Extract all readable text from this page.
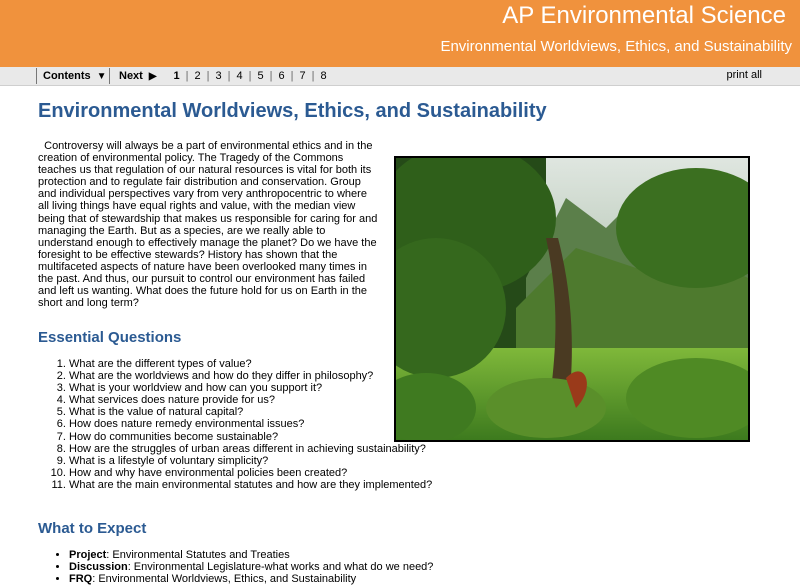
AP Environmental Science
Environmental Worldviews, Ethics, and Sustainability
Contents ▼ Next ▶	1 | 2 | 3 | 4 | 5 | 6 | 7 | 8	print all
Environmental Worldviews, Ethics, and Sustainability

Controversy will always be a part of environmental ethics and in the creation of environmental policy. The Tragedy of the Commons teaches us that regulation of our natural resources is vital for both its protection and to regulate fair distribution and conservation. Group and individual perspectives vary from very anthropocentric to where all living things have equal rights and value, with the median view being that of stewardship that makes us responsible for caring for and managing the Earth. But as a species, are we really able to understand enough to effectively manage the planet? Do we have the foresight to be effective stewards? History has shown that the multifaceted aspects of nature have been overlooked many times in the past. And thus, our pursuit to control our environment has failed and left us wanting. What does the future hold for us on Earth in the short and long term?

Essential Questions
1. What are the different types of value?
2. What are the worldviews and how do they differ in philosophy?
3. What is your worldview and how can you support it?
4. What services does nature provide for us?
5. What is the value of natural capital?
6. How does nature remedy environmental issues?
7. How do communities become sustainable?
8. How are the struggles of urban areas different in achieving sustainability?
9. What is a lifestyle of voluntary simplicity?
10. How and why have environmental policies been created?
11. What are the main environmental statutes and how are they implemented?
What to Expect
• Project: Environmental Statutes and Treaties
• Discussion: Environmental Legislature-what works and what do we need?
• FRQ: Environmental Worldviews, Ethics, and Sustainability
